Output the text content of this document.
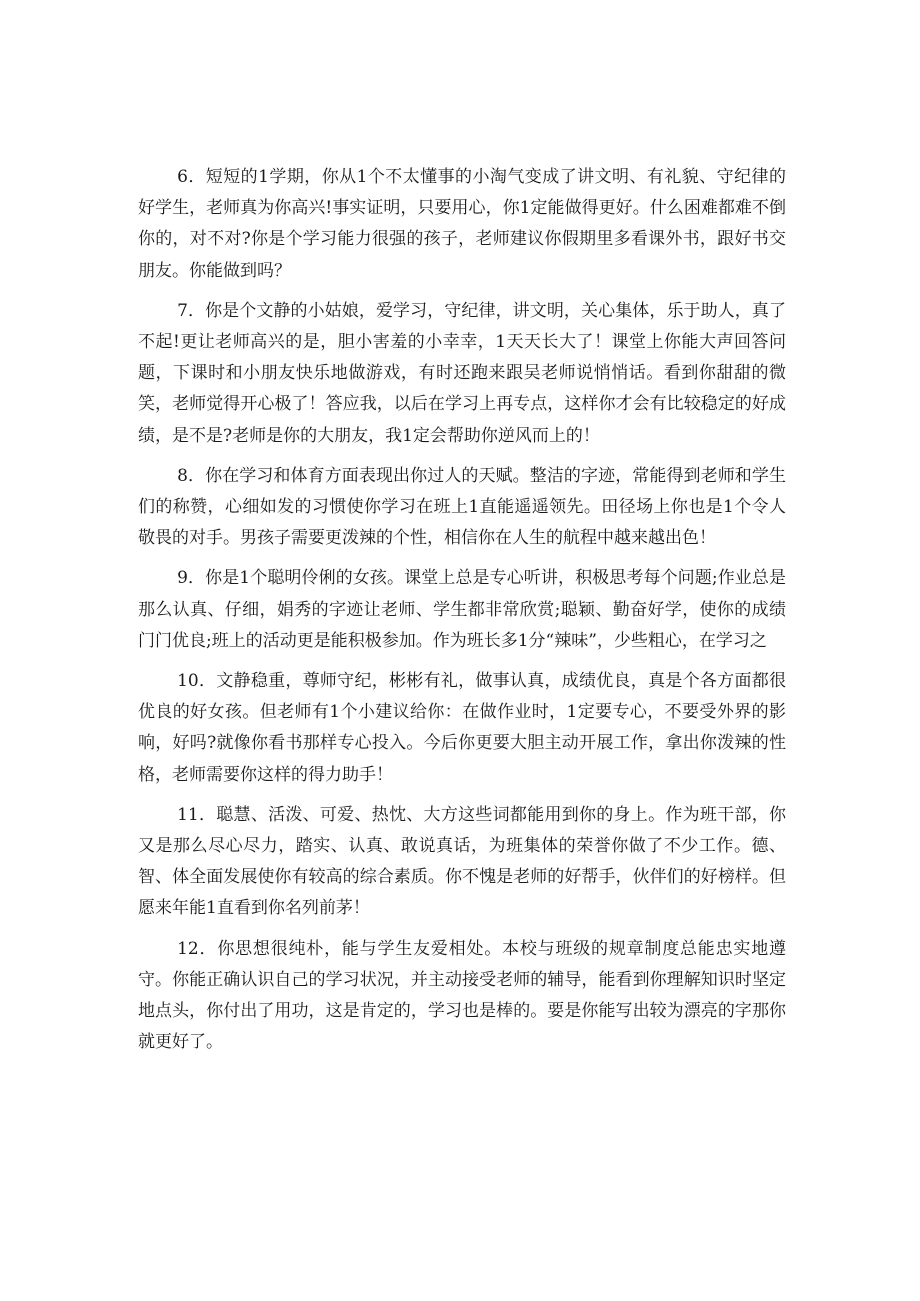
6．短短的1学期，你从1个不太懂事的小淘气变成了讲文明、有礼貌、守纪律的好学生，老师真为你高兴!事实证明，只要用心，你1定能做得更好。什么困难都难不倒你的，对不对?你是个学习能力很强的孩子，老师建议你假期里多看课外书，跟好书交朋友。你能做到吗？

7．你是个文静的小姑娘，爱学习，守纪律，讲文明，关心集体，乐于助人，真了不起!更让老师高兴的是，胆小害羞的小幸幸，1天天长大了！课堂上你能大声回答问题，下课时和小朋友快乐地做游戏，有时还跑来跟吴老师说悄悄话。看到你甜甜的微笑，老师觉得开心极了！答应我，以后在学习上再专点，这样你才会有比较稳定的好成绩，是不是?老师是你的大朋友，我1定会帮助你逆风而上的！

8．你在学习和体育方面表现出你过人的天赋。整洁的字迹，常能得到老师和学生们的称赞，心细如发的习惯使你学习在班上1直能遥遥领先。田径场上你也是1个令人敬畏的对手。男孩子需要更泼辣的个性，相信你在人生的航程中越来越出色！

9．你是1个聪明伶俐的女孩。课堂上总是专心听讲，积极思考每个问题;作业总是那么认真、仔细，娟秀的字迹让老师、学生都非常欣赏;聪颖、勤奋好学，使你的成绩门门优良;班上的活动更是能积极参加。作为班长多1分“辣味”，少些粗心，在学习之

10．文静稳重，尊师守纪，彬彬有礼，做事认真，成绩优良，真是个各方面都很优良的好女孩。但老师有1个小建议给你：在做作业时，1定要专心，不要受外界的影响，好吗?就像你看书那样专心投入。今后你更要大胆主动开展工作，拿出你泼辣的性格，老师需要你这样的得力助手！

11．聪慧、活泼、可爱、热忱、大方这些词都能用到你的身上。作为班干部，你又是那么尽心尽力，踏实、认真、敢说真话，为班集体的荣誉你做了不少工作。德、智、体全面发展使你有较高的综合素质。你不愧是老师的好帮手，伙伴们的好榜样。但愿来年能1直看到你名列前茅！

12．你思想很纯朴，能与学生友爱相处。本校与班级的规章制度总能忠实地遵守。你能正确认识自己的学习状况，并主动接受老师的辅导，能看到你理解知识时坚定地点头，你付出了用功，这是肯定的，学习也是棒的。要是你能写出较为漂亮的字那你就更好了。
